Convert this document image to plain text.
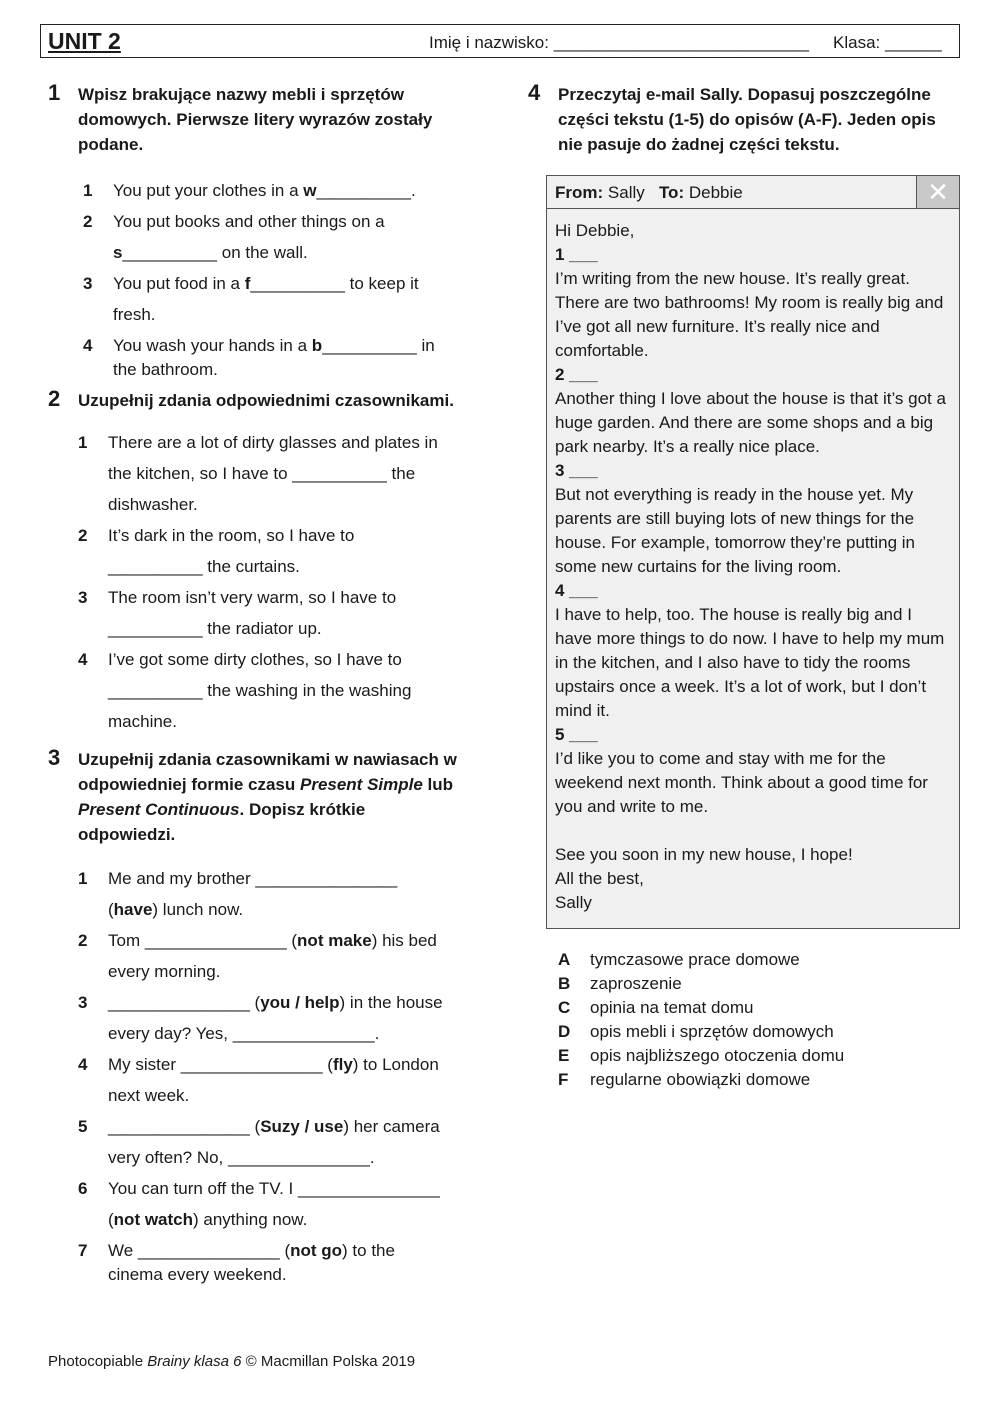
UNIT 2	Imię i nazwisko: ___________________________ Klasa: ______
1 Wpisz brakujące nazwy mebli i sprzętów domowych. Pierwsze litery wyrazów zostały podane.
1 You put your clothes in a w__________.
2 You put books and other things on a s__________ on the wall.
3 You put food in a f__________ to keep it fresh.
4 You wash your hands in a b__________ in the bathroom.
2 Uzupełnij zdania odpowiednimi czasownikami.
1 There are a lot of dirty glasses and plates in the kitchen, so I have to __________ the dishwasher.
2 It’s dark in the room, so I have to __________ the curtains.
3 The room isn’t very warm, so I have to __________ the radiator up.
4 I’ve got some dirty clothes, so I have to __________ the washing in the washing machine.
3 Uzupełnij zdania czasownikami w nawiasach w odpowiedniej formie czasu Present Simple lub Present Continuous. Dopisz krótkie odpowiedzi.
1 Me and my brother _______________ (have) lunch now.
2 Tom _______________ (not make) his bed every morning.
3 _______________ (you / help) in the house every day? Yes, _______________.
4 My sister _______________ (fly) to London next week.
5 _______________ (Suzy / use) her camera very often? No, _______________.
6 You can turn off the TV. I _______________ (not watch) anything now.
7 We _______________ (not go) to the cinema every weekend.
4 Przeczytaj e-mail Sally. Dopasuj poszczególne części tekstu (1-5) do opisów (A-F). Jeden opis nie pasuje do żadnej części tekstu.
From: Sally To: Debbie	✕

Hi Debbie,

1 ___

I’m writing from the new house. It’s really great. There are two bathrooms! My room is really big and I’ve got all new furniture. It’s really nice and comfortable.

2 ___

Another thing I love about the house is that it’s got a huge garden. And there are some shops and a big park nearby. It’s a really nice place.

3 ___

But not everything is ready in the house yet. My parents are still buying lots of new things for the house. For example, tomorrow they’re putting in some new curtains for the living room.

4 ___

I have to help, too. The house is really big and I have more things to do now. I have to help my mum in the kitchen, and I also have to tidy the rooms upstairs once a week. It’s a lot of work, but I don’t mind it.

5 ___

I’d like you to come and stay with me for the weekend next month. Think about a good time for you and write to me.

See you soon in my new house, I hope!

All the best,

Sally

A tymczasowe prace domowe
B zaproszenie
C opinia na temat domu
D opis mebli i sprzętów domowych
E opis najbliższego otoczenia domu
F regularne obowiązki domowe
Photocopiable Brainy klasa 6 © Macmillan Polska 2019
